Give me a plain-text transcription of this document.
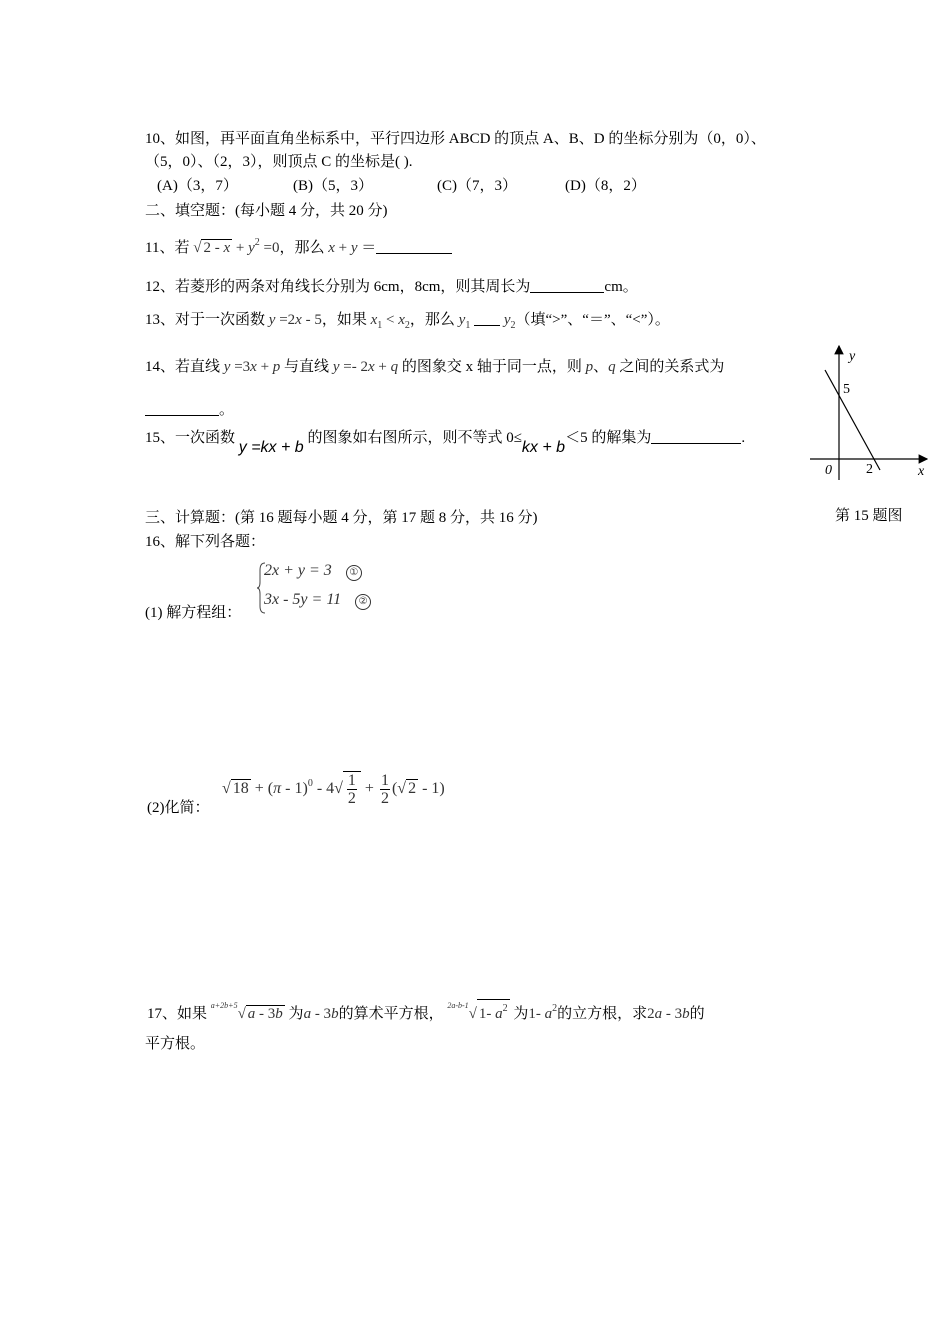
10、如图，再平面直角坐标系中，平行四边形 ABCD 的顶点 A、B、D 的坐标分别为（0，0）、
（5，0）、（2，3），则顶点 C 的坐标是( ).
(A)（3，7）	(B)（5，3）	(C)（7，3）	(D)（8，2）
二、填空题：(每小题 4 分，共 20 分)
11、若 √ $2 - x + y^2 =0$，那么 x + y ＝
12、若菱形的两条对角线长分别为 6cm，8cm，则其周长为	cm。
13、对于一次函数 y =2x - 5，如果 $x_1 < x_2$，那么 $y_1$ $y_2$（填“>”、“＝”、“<”）。
14、若直线 y =3x + p 与直线 y =- 2x + q 的图象交 x 轴于同一点，则 p、q 之间的关系式为
。
15、一次函数 y =kx + b 的图象如右图所示，则不等式 0≤kx + b＜5 的解集为	.
y
x
0
5
2
第 15 题图
三、计算题：(第 16 题每小题 4 分，第 17 题 8 分，共 16 分)
16、解下列各题：
2x + y = 3 ①
3x - 5y = 11 ②
(1) 解方程组：
√ $18 + (\pi - 1)^0 - 4√ \frac{1}{2} + \frac{1}{2}$ (√ 2 - 1)
(2)化简：
17、如果 $^{a+2b+5}$√ a - 3b 为a - 3b的算术平方根， $^{2a-b-1}$√ 1- $a^2$ 为1- $a^2$的立方根，求2a - 3b的
平方根。
